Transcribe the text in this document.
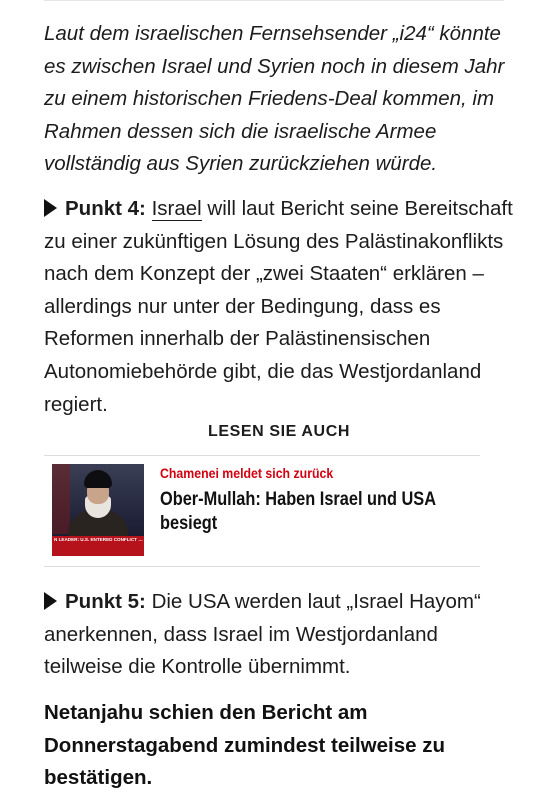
Laut dem israelischen Fernsehsender „i24“ könnte es zwischen Israel und Syrien noch in diesem Jahr zu einem historischen Friedens-Deal kommen, im Rahmen dessen sich die israelische Armee vollständig aus Syrien zurückziehen würde.

Punkt 4: Israel will laut Bericht seine Bereitschaft zu einer zukünftigen Lösung des Palästinakonflikts nach dem Konzept der „zwei Staaten“ erklären – allerdings nur unter der Bedingung, dass es Reformen innerhalb der Palästinensischen Autonomiebehörde gibt, die das Westjordanland regiert.

LESEN SIE AUCH
N LEADER: U.S. ENTERED CONFLICT … WILL BE COMPLETELY DESTROYED
Chamenei meldet sich zurück
Ober-Mullah: Haben Israel und USA besiegt

Punkt 5: Die USA werden laut „Israel Hayom“ anerkennen, dass Israel im Westjordanland teilweise die Kontrolle übernimmt.

Netanjahu schien den Bericht am Donnerstagabend zumindest teilweise zu bestätigen.
